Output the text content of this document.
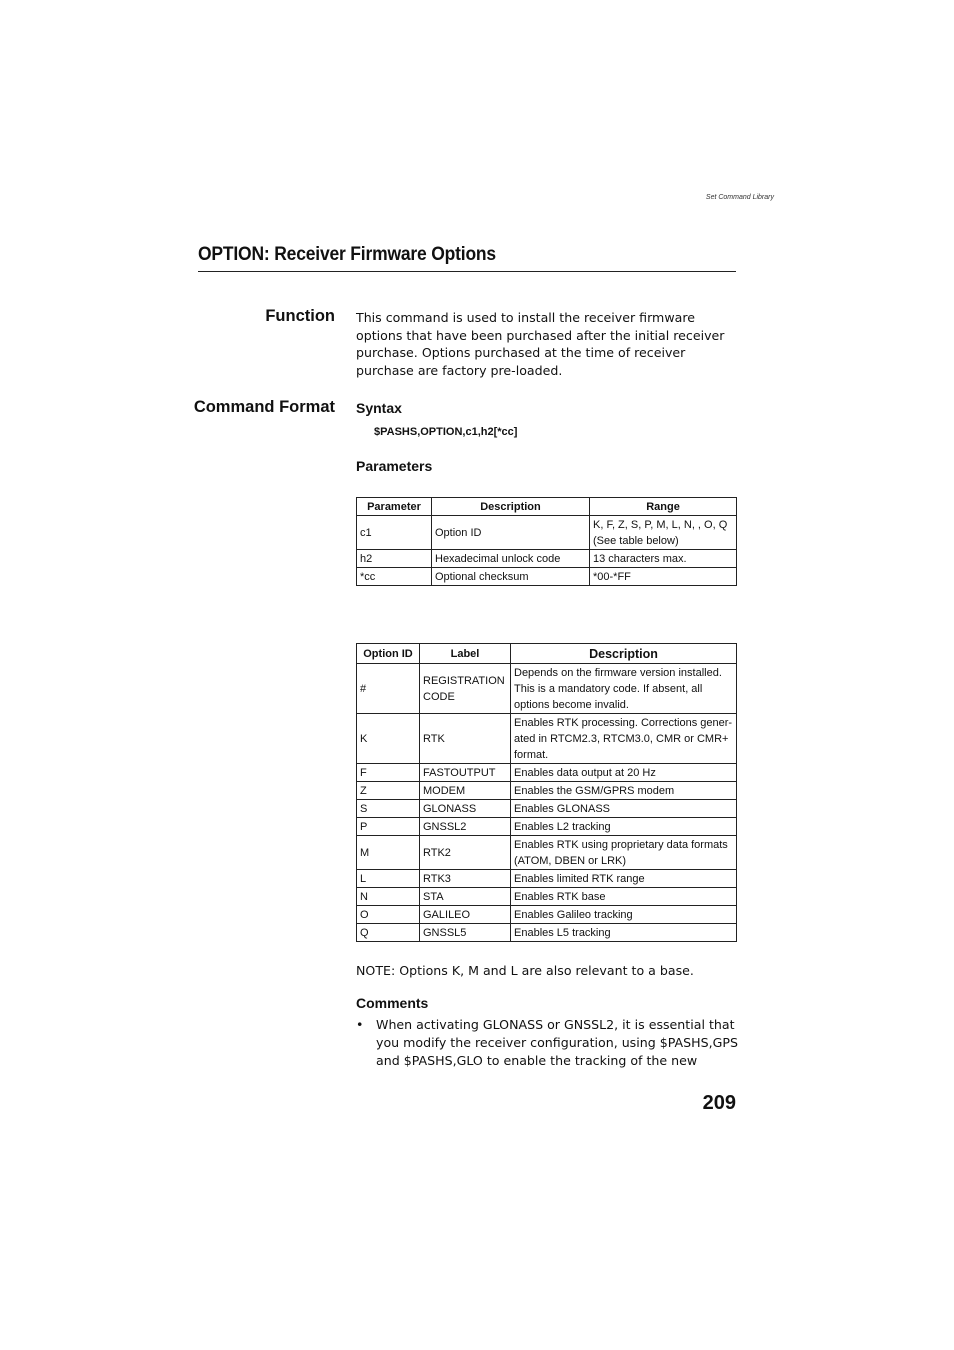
Set Command Library
OPTION: Receiver Firmware Options
Function This command is used to install the receiver firmware options that have been purchased after the initial receiver purchase. Options purchased at the time of receiver purchase are factory pre-loaded.
Command Format Syntax
$PASHS,OPTION,c1,h2[*cc]
Parameters
Parameter	Description	Range
c1	Option ID	K, F, Z, S, P, M, L, N, , O, Q (See table below)
h2	Hexadecimal unlock code	13 characters max.
*cc	Optional checksum	*00-*FF
Option ID	Label	Description
#	REGISTRATION CODE	Depends on the firmware version installed. This is a mandatory code. If absent, all options become invalid.
K	RTK	Enables RTK processing. Corrections gener-ated in RTCM2.3, RTCM3.0, CMR or CMR+ format.
F	FASTOUTPUT	Enables data output at 20 Hz
Z	MODEM	Enables the GSM/GPRS modem
S	GLONASS	Enables GLONASS
P	GNSSL2	Enables L2 tracking
M	RTK2	Enables RTK using proprietary data formats (ATOM, DBEN or LRK)
L	RTK3	Enables limited RTK range
N	STA	Enables RTK base
O	GALILEO	Enables Galileo tracking
Q	GNSSL5	Enables L5 tracking
NOTE: Options K, M and L are also relevant to a base.
Comments
• When activating GLONASS or GNSSL2, it is essential that you modify the receiver configuration, using $PASHS,GPS and $PASHS,GLO to enable the tracking of the new
209
